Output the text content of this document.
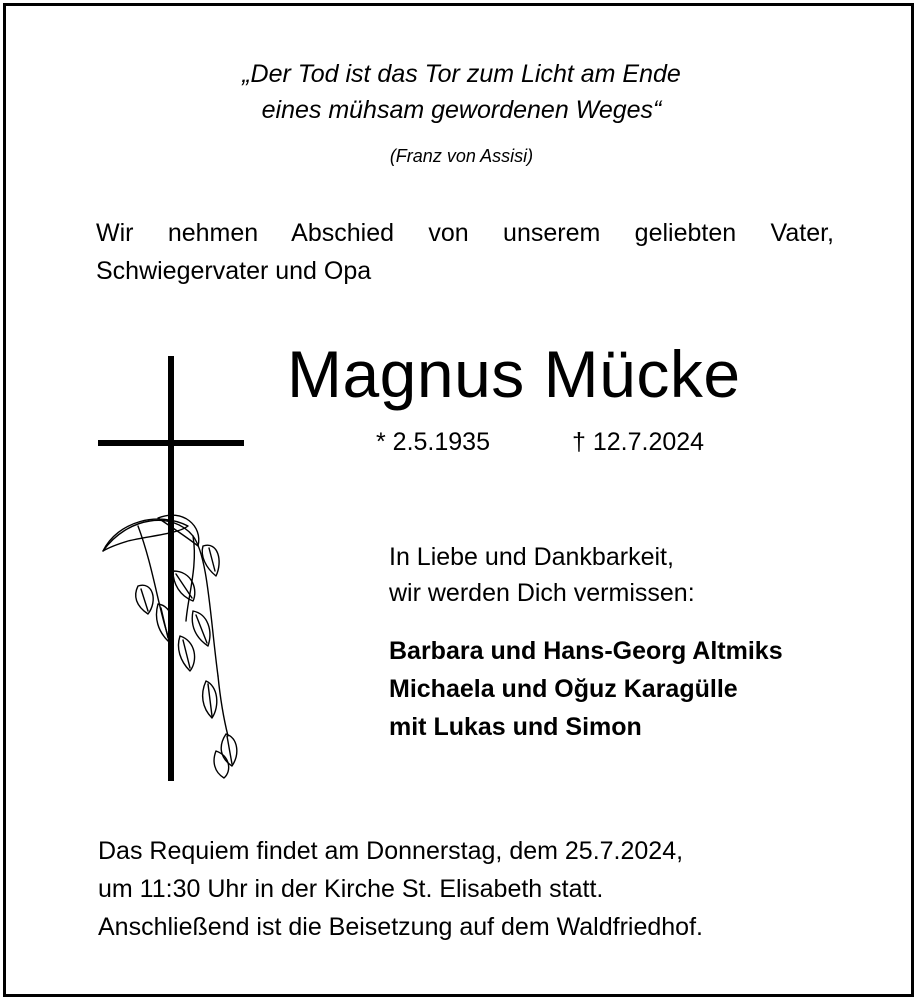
„Der Tod ist das Tor zum Licht am Ende
eines mühsam gewordenen Weges“

(Franz von Assisi)

Wir nehmen Abschied von unserem geliebten Vater,
Schwiegervater und Opa

Magnus Mücke

* 2.5.1935	† 12.7.2024

In Liebe und Dankbarkeit,
wir werden Dich vermissen:

Barbara und Hans-Georg Altmiks
Michaela und Oğuz Karagülle
mit Lukas und Simon

Das Requiem findet am Donnerstag, dem 25.7.2024,
um 11:30 Uhr in der Kirche St. Elisabeth statt.
Anschließend ist die Beisetzung auf dem Waldfriedhof.
